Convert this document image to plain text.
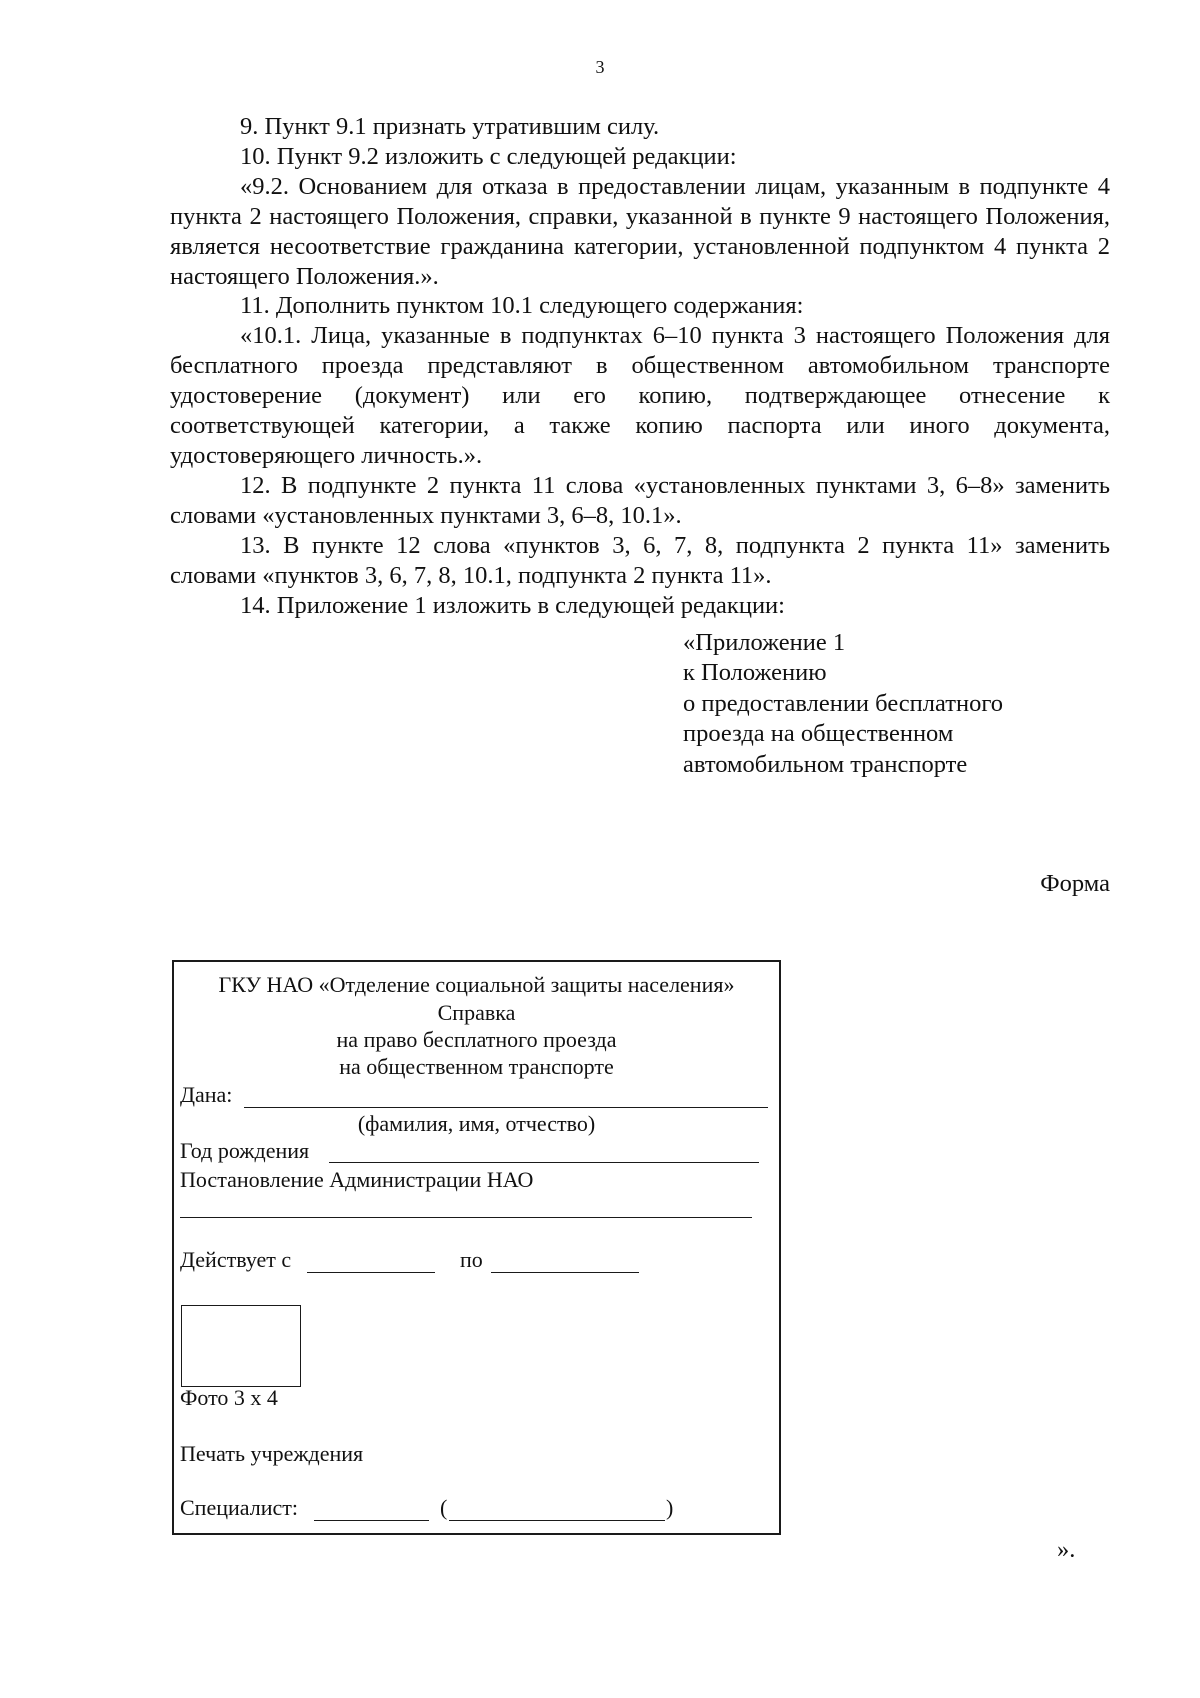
3

9. Пункт 9.1 признать утратившим силу.

10. Пункт 9.2 изложить с следующей редакции:

«9.2. Основанием для отказа в предоставлении лицам, указанным в подпункте 4 пункта 2 настоящего Положения, справки, указанной в пункте 9 настоящего Положения, является несоответствие гражданина категории, установленной подпунктом 4 пункта 2 настоящего Положения.».

11. Дополнить пунктом 10.1 следующего содержания:

«10.1. Лица, указанные в подпунктах 6–10 пункта 3 настоящего Положения для бесплатного проезда представляют в общественном автомобильном транспорте удостоверение (документ) или его копию, подтверждающее отнесение к соответствующей категории, а также копию паспорта или иного документа, удостоверяющего личность.».

12. В подпункте 2 пункта 11 слова «установленных пунктами 3, 6–8» заменить словами «установленных пунктами 3, 6–8, 10.1».

13. В пункте 12 слова «пунктов 3, 6, 7, 8, подпункта 2 пункта 11» заменить словами «пунктов 3, 6, 7, 8, 10.1, подпункта 2 пункта 11».

14. Приложение 1 изложить в следующей редакции:

«Приложение 1
к Положению
о предоставлении бесплатного
проезда на общественном
автомобильном транспорте
Форма
ГКУ НАО «Отделение социальной защиты населения»
Справка
на право бесплатного проезда
на общественном транспорте
Дана:
(фамилия, имя, отчество)
Год рождения
Постановление Администрации НАО
Действует с	по
Фото 3 х 4
Печать учреждения
Специалист:	(	)
».
